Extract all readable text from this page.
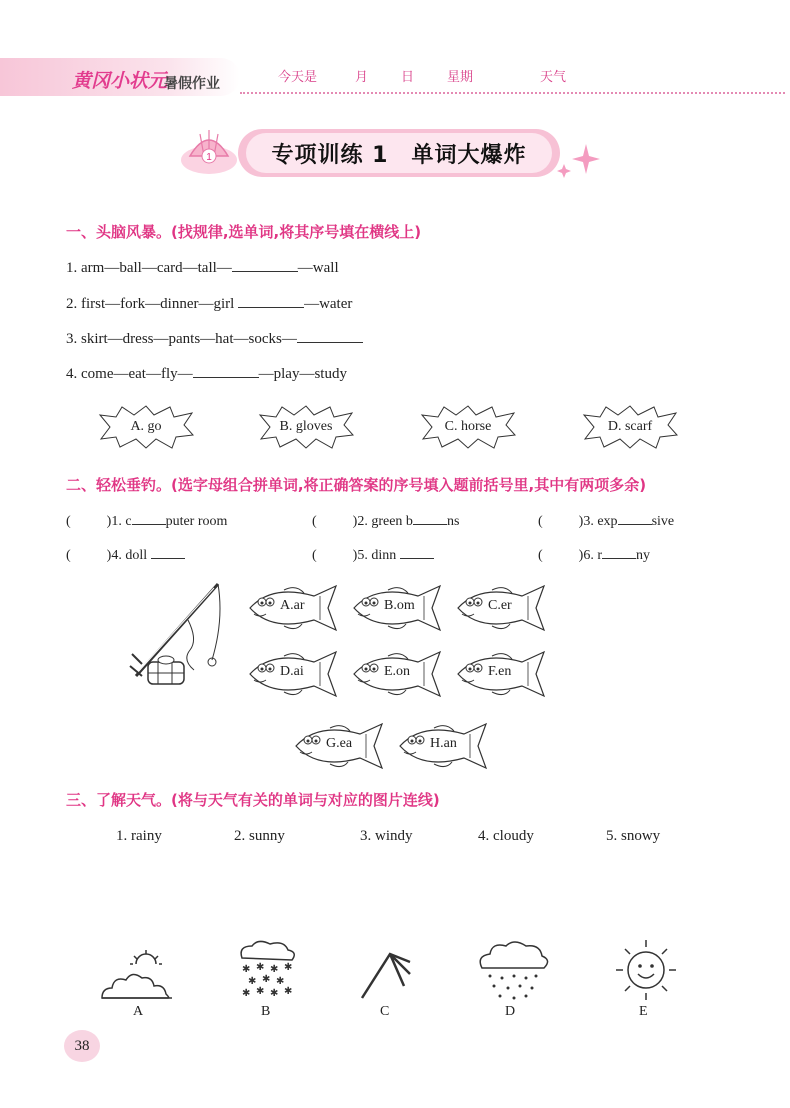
黄冈小状元
暑假作业	今天是	月	日	星期	天气
1	专项训练 1　单词大爆炸
一、头脑风暴。(找规律,选单词,将其序号填在横线上)
1. arm—ball—card—tall—	—wall
2. first—fork—dinner—girl	—water
3. skirt—dress—pants—hat—socks—
4. come—eat—fly—	—play—study
A. go	B. gloves	C. horse	D. scarf
二、轻松垂钓。(选字母组合拼单词,将正确答案的序号填入题前括号里,其中有两项多余)
(	)1. c puter room	(	)2. green b ns	(	)3. exp sive
(	)4. doll	(	)5. dinn	(	)6. r ny
A.ar	B.om	C.er
D.ai	E.on	F.en
G.ea	H.an
三、了解天气。(将与天气有关的单词与对应的图片连线)
1. rainy	2. sunny	3. windy	4. cloudy	5. snowy
A
✱ ✱ ✱ ✱
✱ ✱ ✱
✱ ✱ ✱ ✱
B	C	D	E
38
